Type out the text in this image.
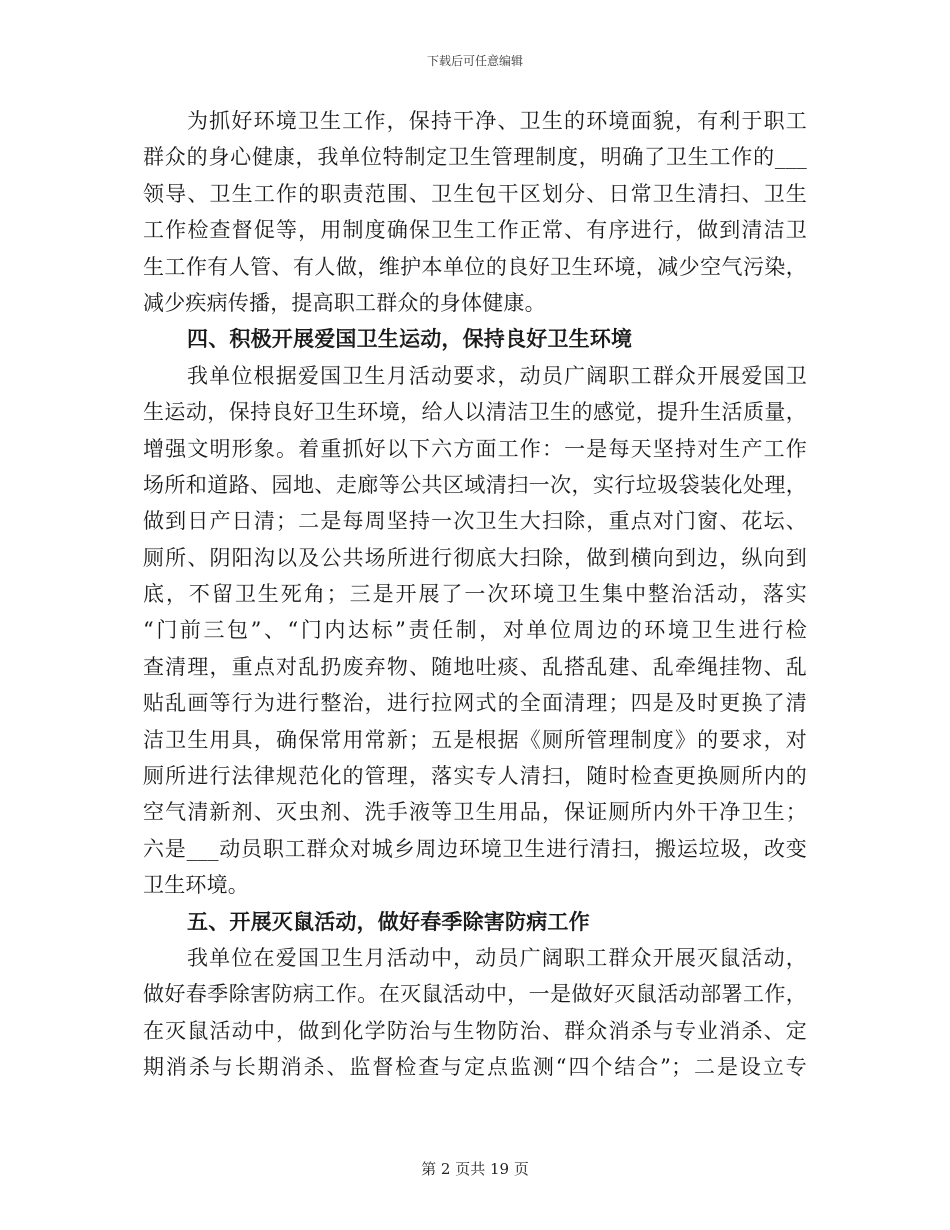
下载后可任意编辑
为抓好环境卫生工作，保持干净、卫生的环境面貌，有利于职工
群众的身心健康，我单位特制定卫生管理制度，明确了卫生工作的___
领导、卫生工作的职责范围、卫生包干区划分、日常卫生清扫、卫生
工作检查督促等，用制度确保卫生工作正常、有序进行，做到清洁卫
生工作有人管、有人做，维护本单位的良好卫生环境，减少空气污染，
减少疾病传播，提高职工群众的身体健康。
四、积极开展爱国卫生运动，保持良好卫生环境
我单位根据爱国卫生月活动要求，动员广阔职工群众开展爱国卫
生运动，保持良好卫生环境，给人以清洁卫生的感觉，提升生活质量，
增强文明形象。着重抓好以下六方面工作：一是每天坚持对生产工作
场所和道路、园地、走廊等公共区域清扫一次，实行垃圾袋装化处理，
做到日产日清；二是每周坚持一次卫生大扫除，重点对门窗、花坛、
厕所、阴阳沟以及公共场所进行彻底大扫除，做到横向到边，纵向到
底，不留卫生死角；三是开展了一次环境卫生集中整治活动，落实
“门前三包”、“门内达标”责任制，对单位周边的环境卫生进行检
查清理，重点对乱扔废弃物、随地吐痰、乱搭乱建、乱牵绳挂物、乱
贴乱画等行为进行整治，进行拉网式的全面清理；四是及时更换了清
洁卫生用具，确保常用常新；五是根据《厕所管理制度》的要求，对
厕所进行法律规范化的管理，落实专人清扫，随时检查更换厕所内的
空气清新剂、灭虫剂、洗手液等卫生用品，保证厕所内外干净卫生；
六是___动员职工群众对城乡周边环境卫生进行清扫，搬运垃圾，改变
卫生环境。
五、开展灭鼠活动，做好春季除害防病工作
我单位在爱国卫生月活动中，动员广阔职工群众开展灭鼠活动，
做好春季除害防病工作。在灭鼠活动中，一是做好灭鼠活动部署工作，
在灭鼠活动中，做到化学防治与生物防治、群众消杀与专业消杀、定
期消杀与长期消杀、监督检查与定点监测“四个结合”；二是设立专
第 2 页共 19 页
